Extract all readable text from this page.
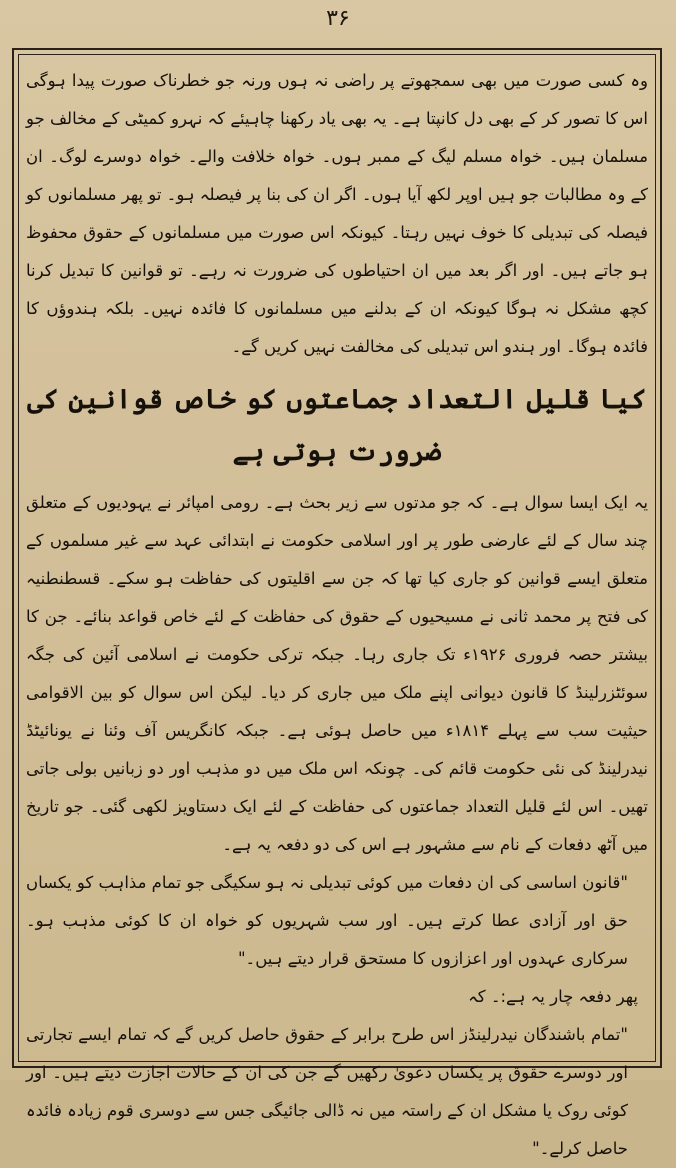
۳۶

وہ کسی صورت میں بھی سمجھوتے پر راضی نہ ہوں ورنہ جو خطرناک صورت پیدا ہوگی اس کا تصور کر کے بھی دل کانپتا ہے۔ یہ بھی یاد رکھنا چاہیئے کہ نہرو کمیٹی کے مخالف جو مسلمان ہیں۔ خواہ مسلم لیگ کے ممبر ہوں۔ خواہ خلافت والے۔ خواہ دوسرے لوگ۔ ان کے وہ مطالبات جو ہیں اوپر لکھ آیا ہوں۔ اگر ان کی بنا پر فیصلہ ہو۔ تو پھر مسلمانوں کو فیصلہ کی تبدیلی کا خوف نہیں رہتا۔ کیونکہ اس صورت میں مسلمانوں کے حقوق محفوظ ہو جاتے ہیں۔ اور اگر بعد میں ان احتیاطوں کی ضرورت نہ رہے۔ تو قوانین کا تبدیل کرنا کچھ مشکل نہ ہوگا کیونکہ ان کے بدلنے میں مسلمانوں کا فائدہ نہیں۔ بلکہ ہندوؤں کا فائدہ ہوگا۔ اور ہندو اس تبدیلی کی مخالفت نہیں کریں گے۔

کیا قلیل التعداد جماعتوں کو خاص قوانین کی ضرورت ہوتی ہے

یہ ایک ایسا سوال ہے۔ کہ جو مدتوں سے زیر بحث ہے۔ رومی امپائر نے یہودیوں کے متعلق چند سال کے لئے عارضی طور پر اور اسلامی حکومت نے ابتدائی عہد سے غیر مسلموں کے متعلق ایسے قوانین کو جاری کیا تھا کہ جن سے اقلیتوں کی حفاظت ہو سکے۔ قسطنطنیہ کی فتح پر محمد ثانی نے مسیحیوں کے حقوق کی حفاظت کے لئے خاص قواعد بنائے۔ جن کا بیشتر حصہ فروری ۱۹۲۶ء تک جاری رہا۔ جبکہ ترکی حکومت نے اسلامی آئین کی جگہ سوئٹزرلینڈ کا قانون دیوانی اپنے ملک میں جاری کر دیا۔ لیکن اس سوال کو بین الاقوامی حیثیت سب سے پہلے ۱۸۱۴ء میں حاصل ہوئی ہے۔ جبکہ کانگریس آف وئنا نے یونائیٹڈ نیدرلینڈ کی نئی حکومت قائم کی۔ چونکہ اس ملک میں دو مذہب اور دو زبانیں بولی جاتی تھیں۔ اس لئے قلیل التعداد جماعتوں کی حفاظت کے لئے ایک دستاویز لکھی گئی۔ جو تاریخ میں آٹھ دفعات کے نام سے مشہور ہے اس کی دو دفعہ یہ ہے۔

"قانون اساسی کی ان دفعات میں کوئی تبدیلی نہ ہو سکیگی جو تمام مذاہب کو یکساں حق اور آزادی عطا کرتے ہیں۔ اور سب شہریوں کو خواہ ان کا کوئی مذہب ہو۔ سرکاری عہدوں اور اعزازوں کا مستحق قرار دیتے ہیں۔"

پھر دفعہ چار یہ ہے:۔ کہ

"تمام باشندگان نیدرلینڈز اس طرح برابر کے حقوق حاصل کریں گے کہ تمام ایسے تجارتی اور دوسرے حقوق پر یکساں دعویٰ رکھیں گے جن کی ان کے حالات اجازت دیتے ہیں۔ اور کوئی روک یا مشکل ان کے راستہ میں نہ ڈالی جائیگی جس سے دوسری قوم زیادہ فائدہ حاصل کرلے۔"
